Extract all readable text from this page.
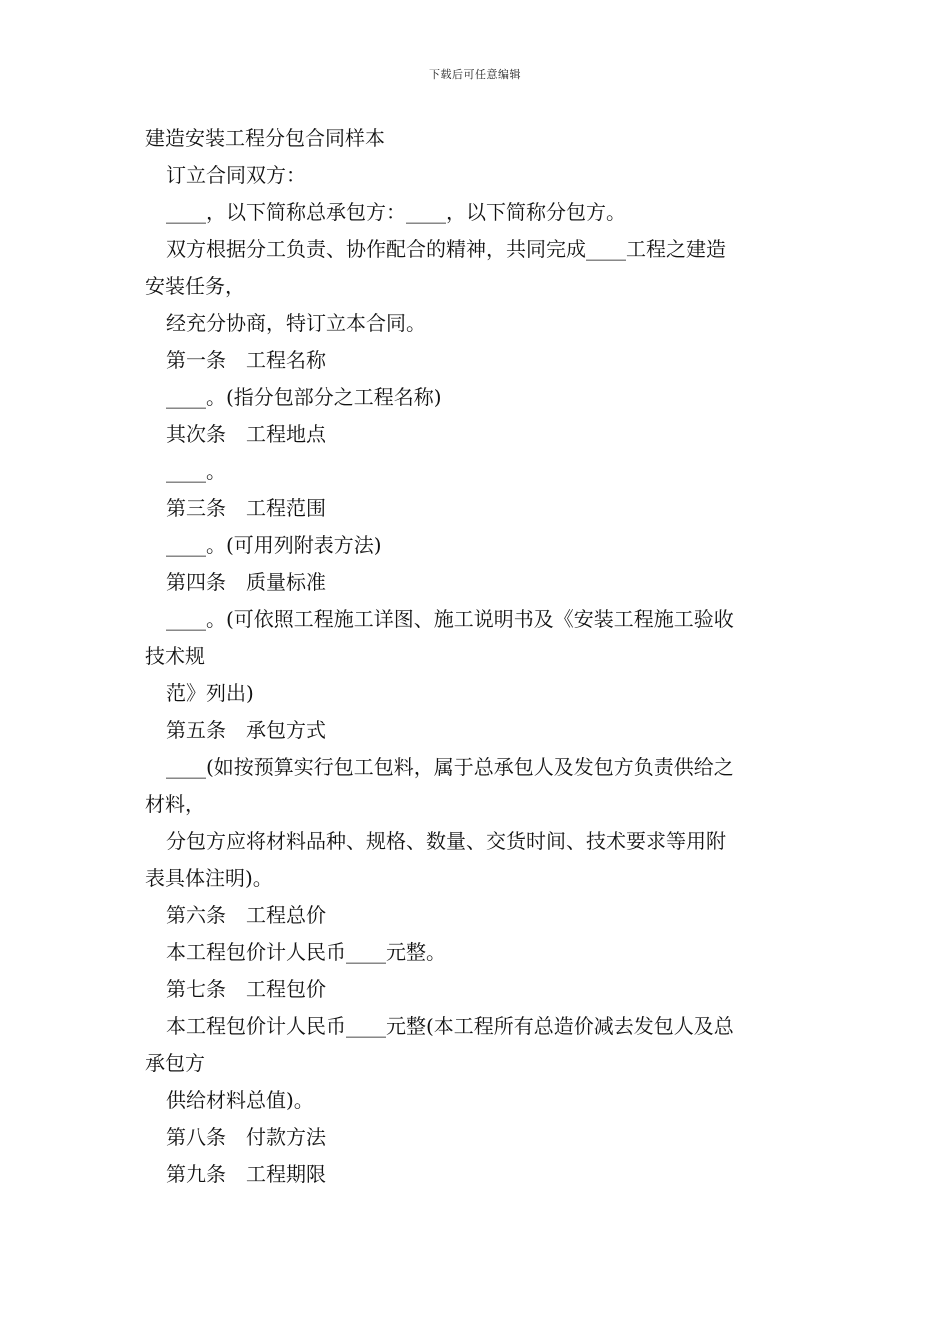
下载后可任意编辑
建造安装工程分包合同样本
订立合同双方：
____，以下简称总承包方：____，以下简称分包方。
双方根据分工负责、协作配合的精神，共同完成____工程之建造
安装任务，
经充分协商，特订立本合同。
第一条　工程名称
____。(指分包部分之工程名称)
其次条　工程地点
____。
第三条　工程范围
____。(可用列附表方法)
第四条　质量标准
____。(可依照工程施工详图、施工说明书及《安装工程施工验收
技术规
范》列出)
第五条　承包方式
____(如按预算实行包工包料，属于总承包人及发包方负责供给之
材料，
分包方应将材料品种、规格、数量、交货时间、技术要求等用附
表具体注明)。
第六条　工程总价
本工程包价计人民币____元整。
第七条　工程包价
本工程包价计人民币____元整(本工程所有总造价减去发包人及总
承包方
供给材料总值)。
第八条　付款方法
第九条　工程期限
